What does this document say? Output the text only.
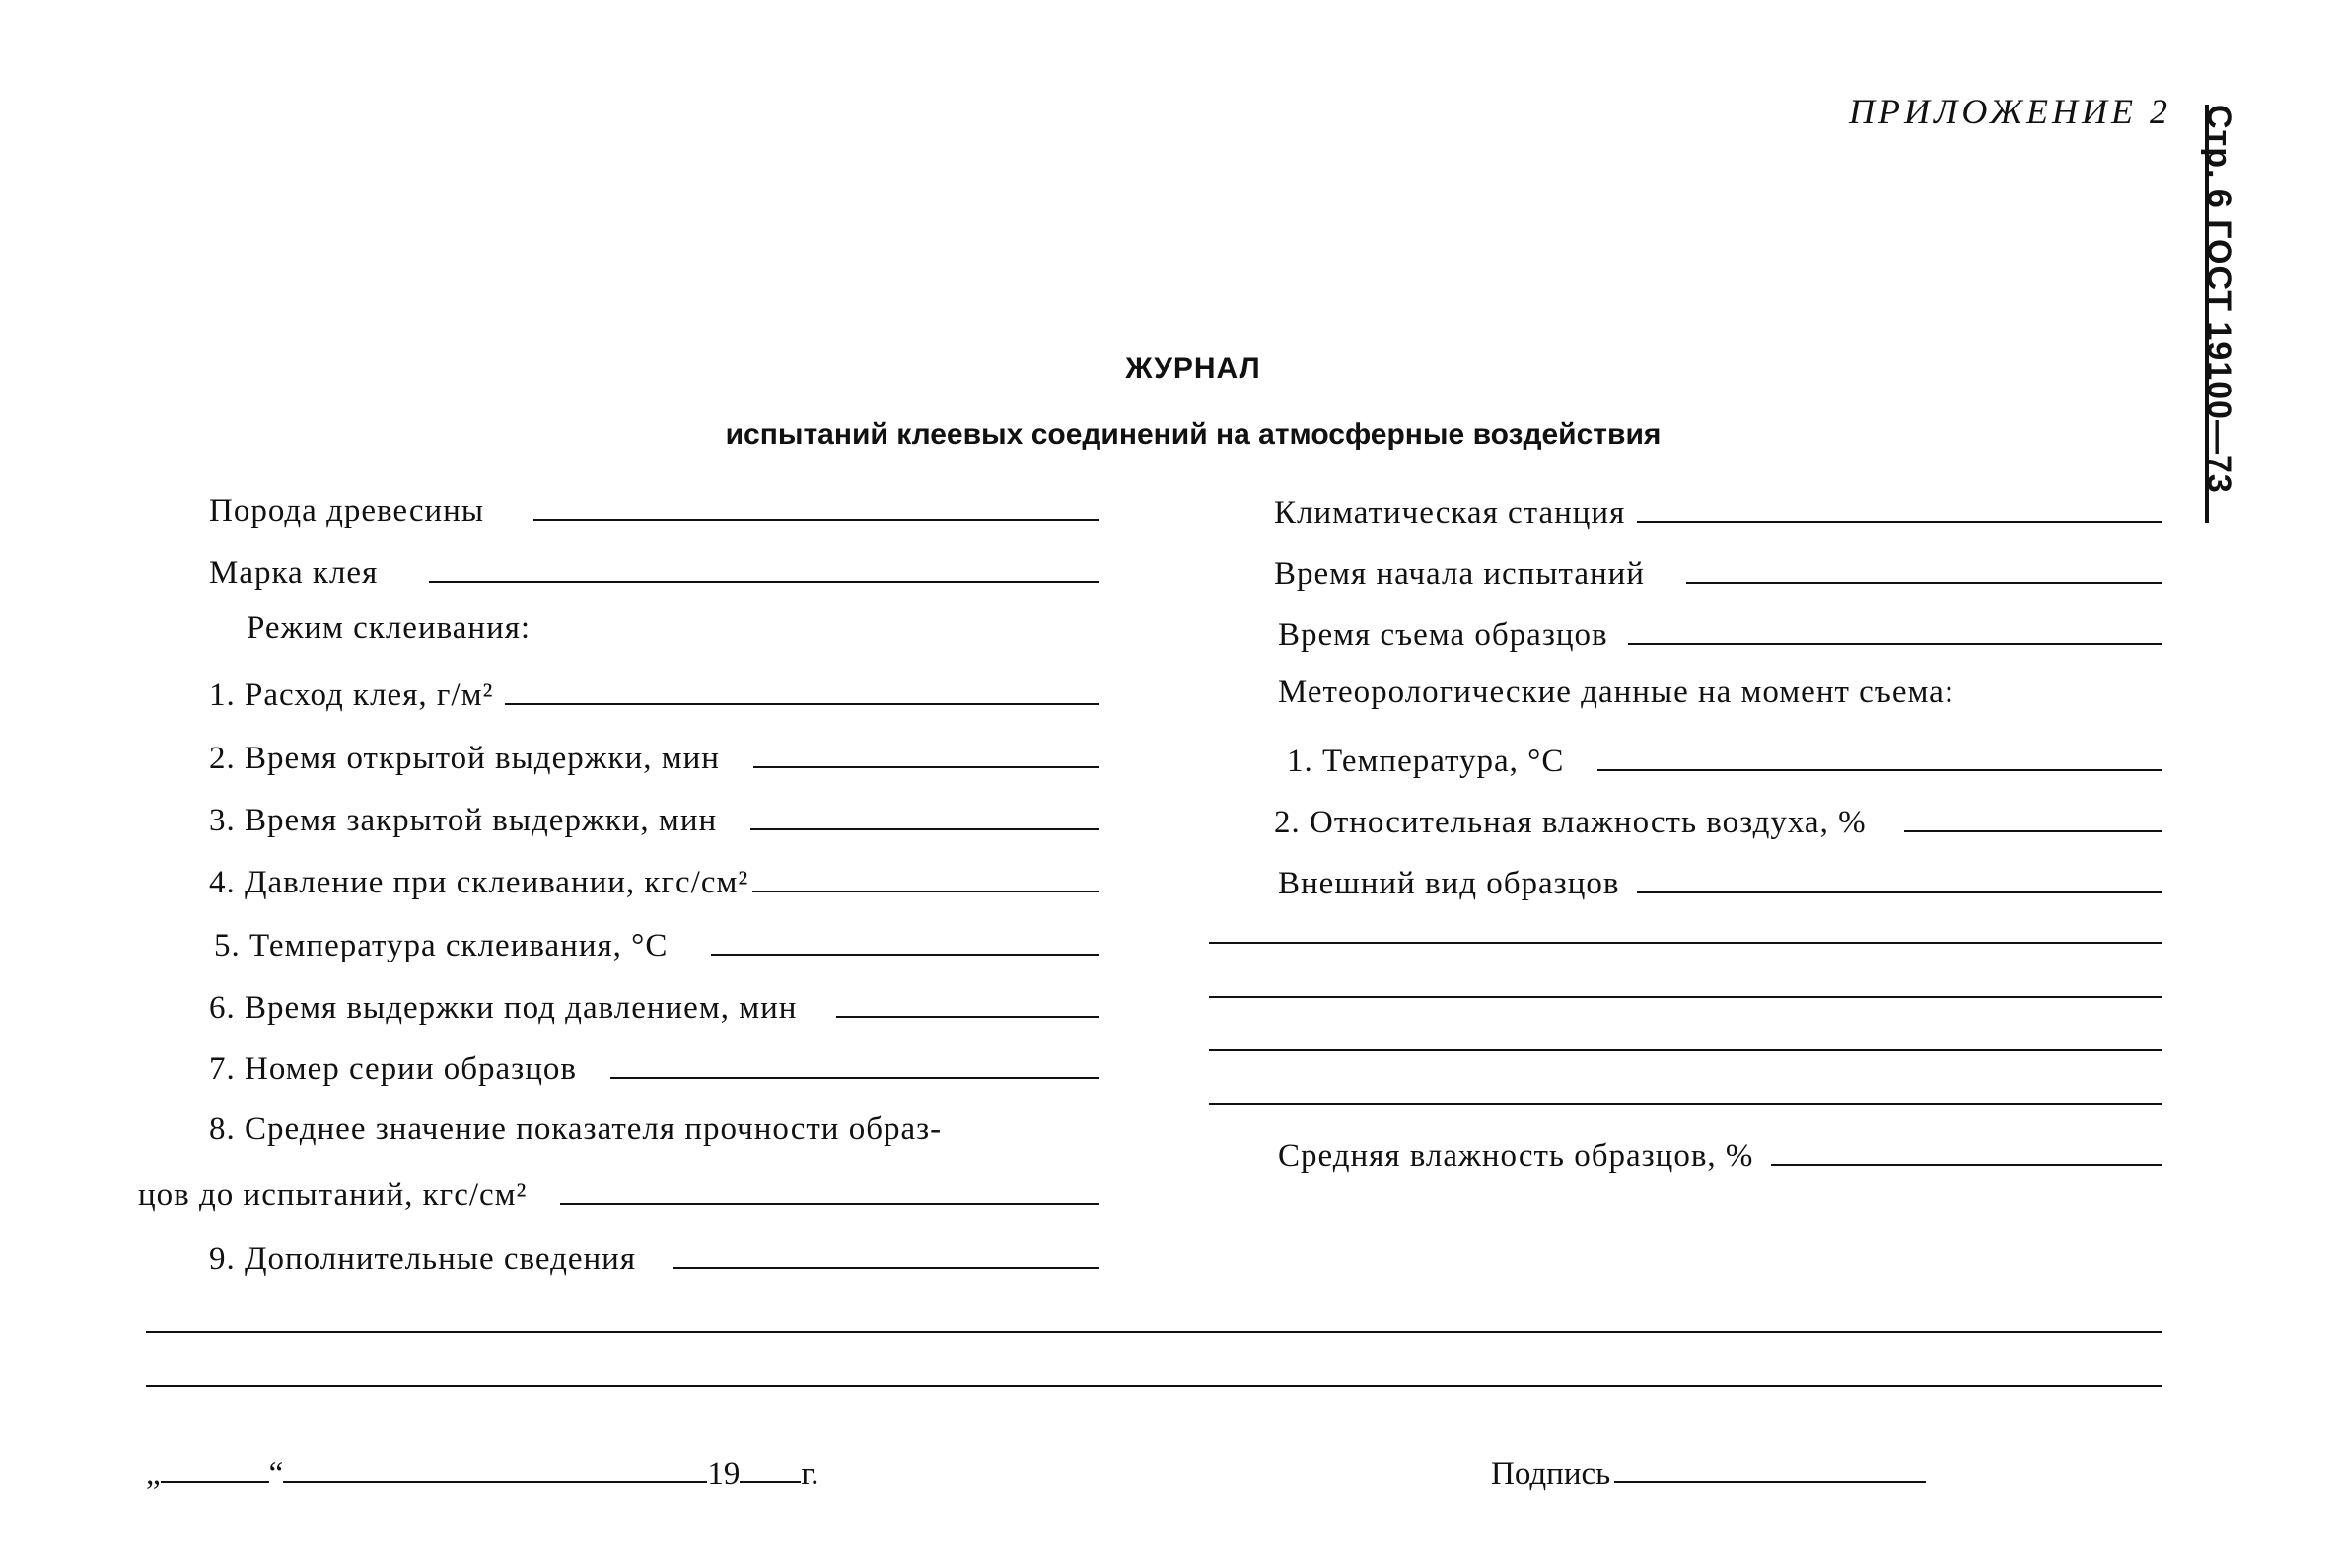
ПРИЛОЖЕНИЕ 2 Стр. 6 ГОСТ 19100—73
ЖУРНАЛ
испытаний клеевых соединений на атмосферные воздействия
Порода древесины
Марка клея
Режим склеивания:
1. Расход клея, г/м²
2. Время открытой выдержки, мин
3. Время закрытой выдержки, мин
4. Давление при склеивании, кгс/см²
5. Температура склеивания, °С
6. Время выдержки под давлением, мин
7. Номер серии образцов
8. Среднее значение показателя прочности образ-
цов до испытаний, кгс/см²
9. Дополнительные сведения
Климатическая станция
Время начала испытаний
Время съема образцов
Метеорологические данные на момент съема:
1. Температура, °С
2. Относительная влажность воздуха, %
Внешний вид образцов
Средняя влажность образцов, %
„	“	19 г.	Подпись
